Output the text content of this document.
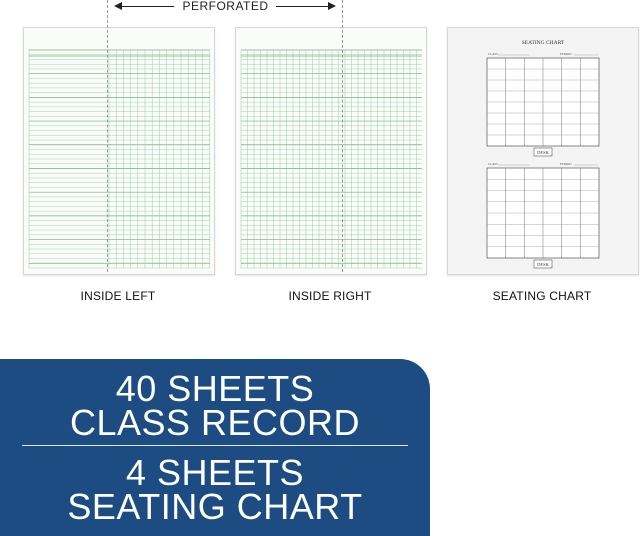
PERFORATED
INSIDE LEFT	INSIDE RIGHT
SEATING CHART
CLASS	PERIOD
DESK
CLASS	PERIOD
DESK
SEATING CHART
40 SHEETS
CLASS RECORD
4 SHEETS
SEATING CHART
